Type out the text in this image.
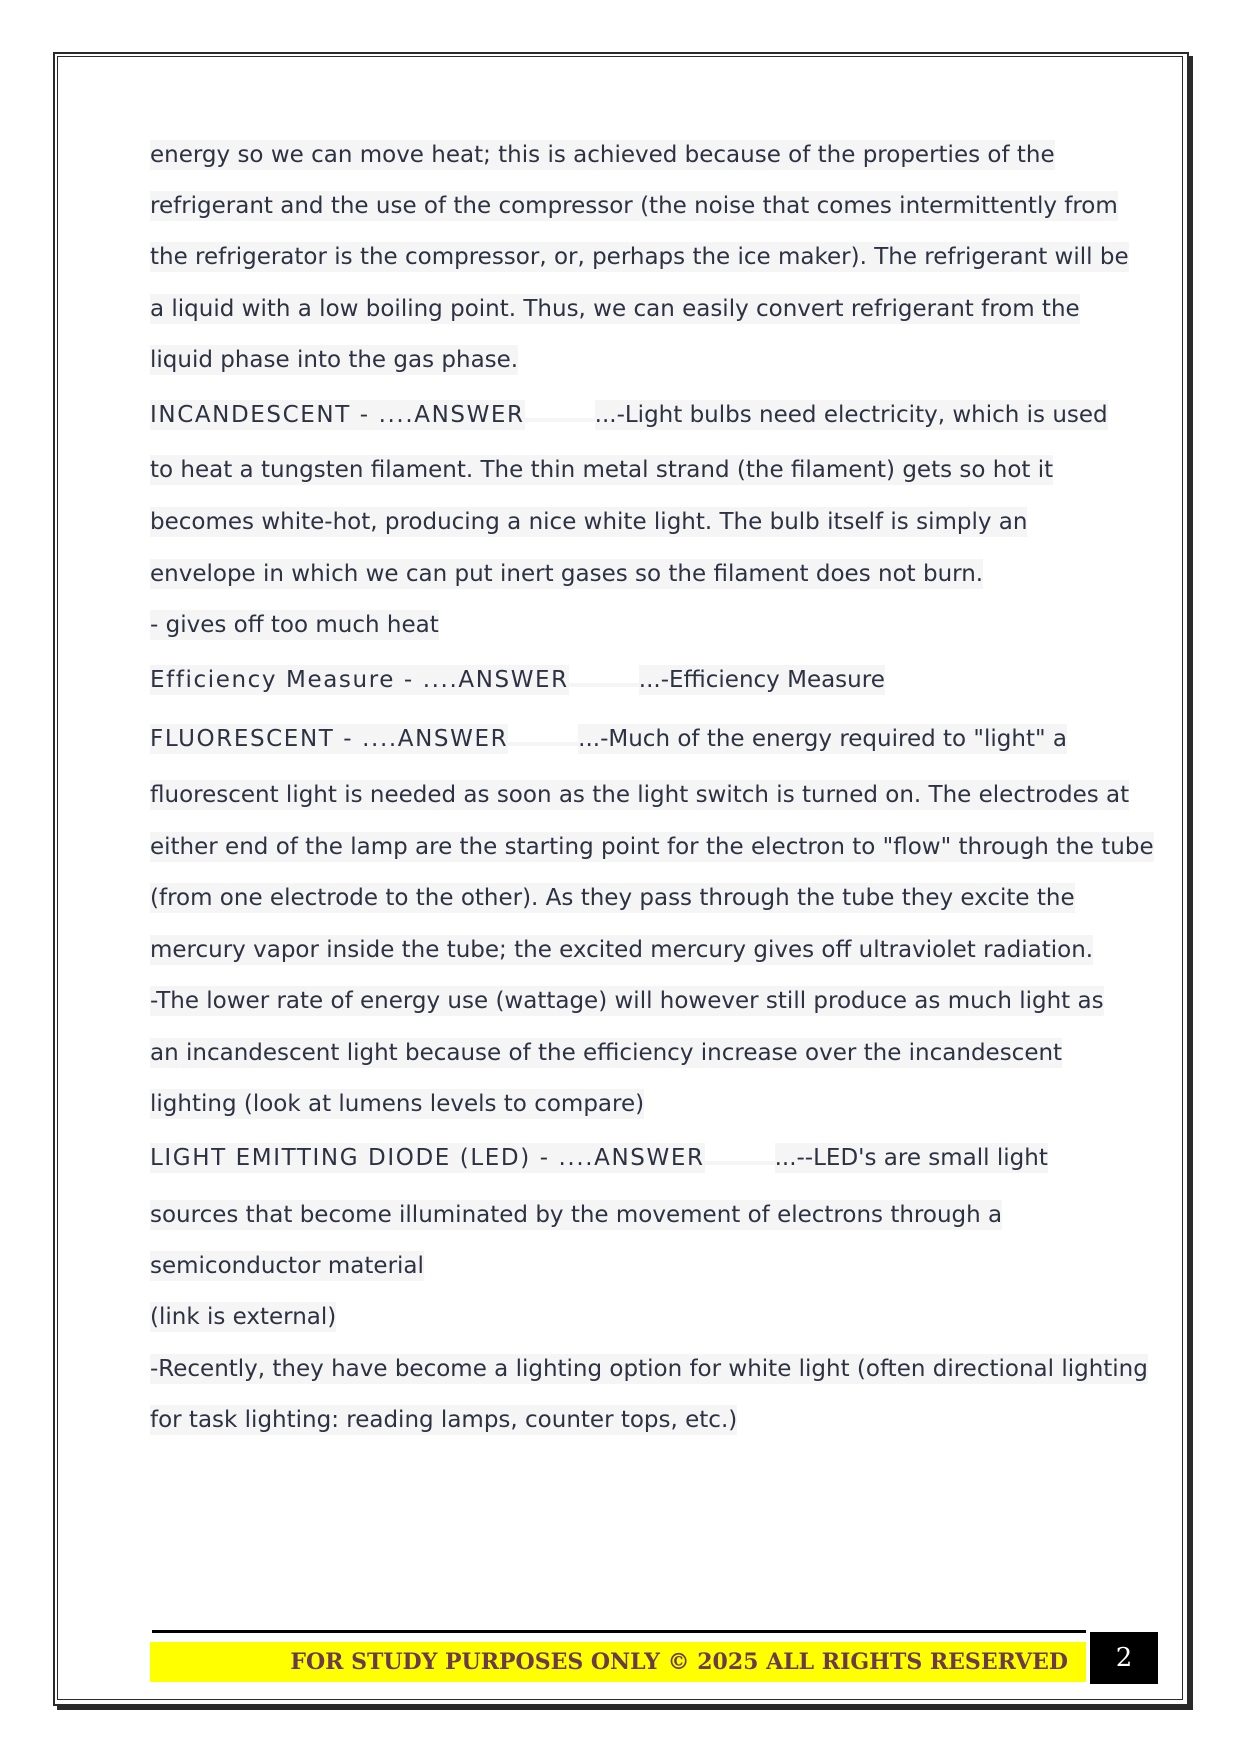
energy so we can move heat; this is achieved because of the properties of the
refrigerant and the use of the compressor (the noise that comes intermittently from
the refrigerator is the compressor, or, perhaps the ice maker). The refrigerant will be
a liquid with a low boiling point. Thus, we can easily convert refrigerant from the
liquid phase into the gas phase.
INCANDESCENT - ....ANSWER	...-Light bulbs need electricity, which is used
to heat a tungsten filament. The thin metal strand (the filament) gets so hot it
becomes white-hot, producing a nice white light. The bulb itself is simply an
envelope in which we can put inert gases so the filament does not burn.
- gives off too much heat
Efficiency Measure - ....ANSWER	...-Efficiency Measure
FLUORESCENT - ....ANSWER	...-Much of the energy required to "light" a
fluorescent light is needed as soon as the light switch is turned on. The electrodes at
either end of the lamp are the starting point for the electron to "flow" through the tube
(from one electrode to the other). As they pass through the tube they excite the
mercury vapor inside the tube; the excited mercury gives off ultraviolet radiation.
-The lower rate of energy use (wattage) will however still produce as much light as
an incandescent light because of the efficiency increase over the incandescent
lighting (look at lumens levels to compare)
LIGHT EMITTING DIODE (LED) - ....ANSWER	...--LED's are small light
sources that become illuminated by the movement of electrons through a
semiconductor material
(link is external)
-Recently, they have become a lighting option for white light (often directional lighting
for task lighting: reading lamps, counter tops, etc.)
FOR STUDY PURPOSES ONLY © 2025 ALL RIGHTS RESERVED	2
